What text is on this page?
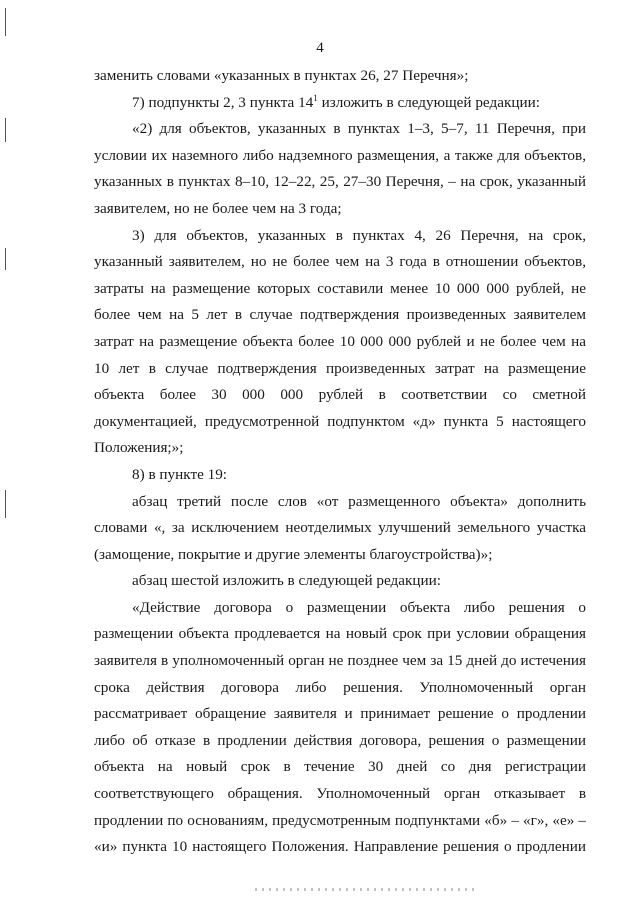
4
заменить словами «указанных в пунктах 26, 27 Перечня»;
7) подпункты 2, 3 пункта $14^1$ изложить в следующей редакции:
«2) для объектов, указанных в пунктах 1–3, 5–7, 11 Перечня, при
условии их наземного либо надземного размещения, а также для объектов,
указанных в пунктах 8–10, 12–22, 25, 27–30 Перечня, – на срок, указанный
заявителем, но не более чем на 3 года;
3) для объектов, указанных в пунктах 4, 26 Перечня, на срок,
указанный заявителем, но не более чем на 3 года в отношении объектов,
затраты на размещение которых составили менее 10 000 000 рублей, не
более чем на 5 лет в случае подтверждения произведенных заявителем
затрат на размещение объекта более 10 000 000 рублей и не более чем на
10 лет в случае подтверждения произведенных затрат на размещение
объекта более 30 000 000 рублей в соответствии со сметной
документацией, предусмотренной подпунктом «д» пункта 5 настоящего
Положения;»;
8) в пункте 19:
абзац третий после слов «от размещенного объекта» дополнить
словами «, за исключением неотделимых улучшений земельного участка
(замощение, покрытие и другие элементы благоустройства)»;
абзац шестой изложить в следующей редакции:
«Действие договора о размещении объекта либо решения о
размещении объекта продлевается на новый срок при условии обращения
заявителя в уполномоченный орган не позднее чем за 15 дней до истечения
срока действия договора либо решения. Уполномоченный орган
рассматривает обращение заявителя и принимает решение о продлении
либо об отказе в продлении действия договора, решения о размещении
объекта на новый срок в течение 30 дней со дня регистрации
соответствующего обращения. Уполномоченный орган отказывает в
продлении по основаниям, предусмотренным подпунктами «б» – «г», «е» –
«и» пункта 10 настоящего Положения. Направление решения о продлении
